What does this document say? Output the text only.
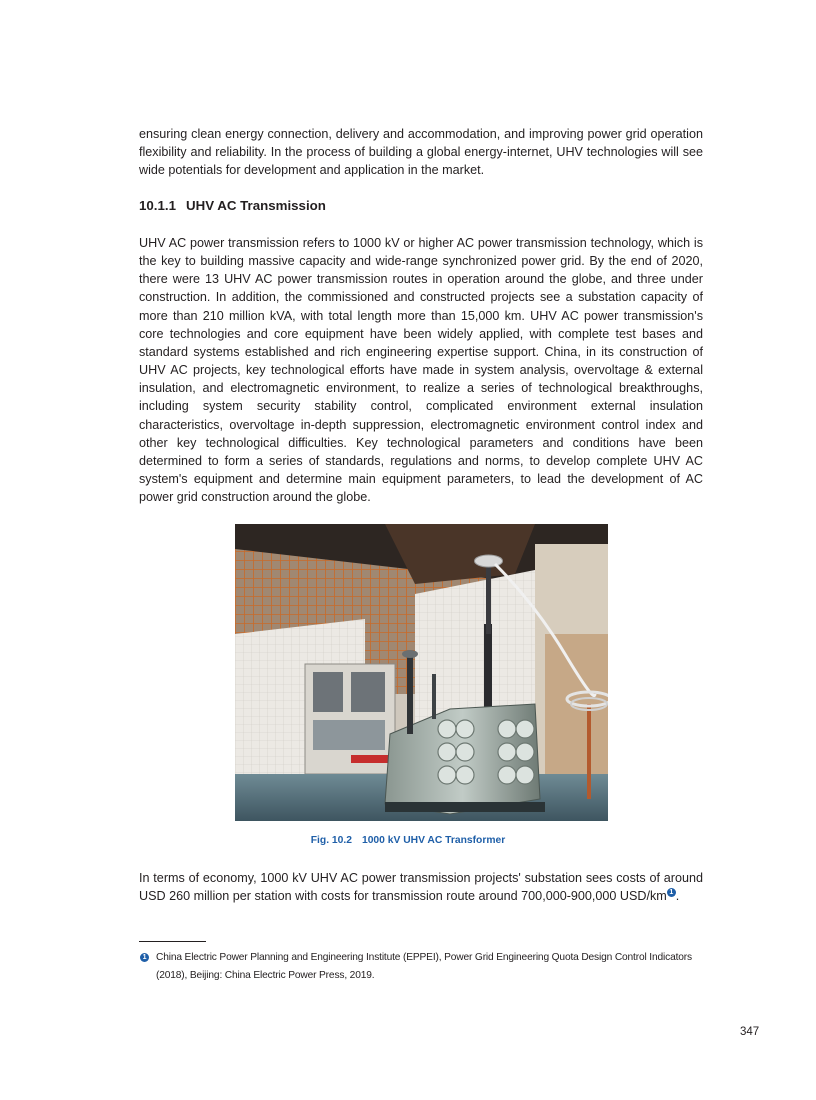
ensuring clean energy connection, delivery and accommodation, and improving power grid operation flexibility and reliability. In the process of building a global energy-internet, UHV technologies will see wide potentials for development and application in the market.

10.1.1 UHV AC Transmission

UHV AC power transmission refers to 1000 kV or higher AC power transmission technology, which is the key to building massive capacity and wide-range synchronized power grid. By the end of 2020, there were 13 UHV AC power transmission routes in operation around the globe, and three under construction. In addition, the commissioned and constructed projects see a substation capacity of more than 210 million kVA, with total length more than 15,000 km. UHV AC power transmission's core technologies and core equipment have been widely applied, with complete test bases and standard systems established and rich engineering expertise support. China, in its construction of UHV AC projects, key technological efforts have made in system analysis, overvoltage & external insulation, and electromagnetic environment, to realize a series of technological breakthroughs, including system security stability control, complicated environment external insulation characteristics, overvoltage in-depth suppression, electromagnetic environment control index and other key technological difficulties. Key technological parameters and conditions have been determined to form a series of standards, regulations and norms, to develop complete UHV AC system's equipment and determine main equipment parameters, to lead the development of AC power grid construction around the globe.

Fig. 10.2 1000 kV UHV AC Transformer

In terms of economy, 1000 kV UHV AC power transmission projects' substation sees costs of around USD 260 million per station with costs for transmission route around 700,000-900,000 USD/km $^1$ .

1 China Electric Power Planning and Engineering Institute (EPPEI), Power Grid Engineering Quota Design Control Indicators (2018), Beijing: China Electric Power Press, 2019.

347
